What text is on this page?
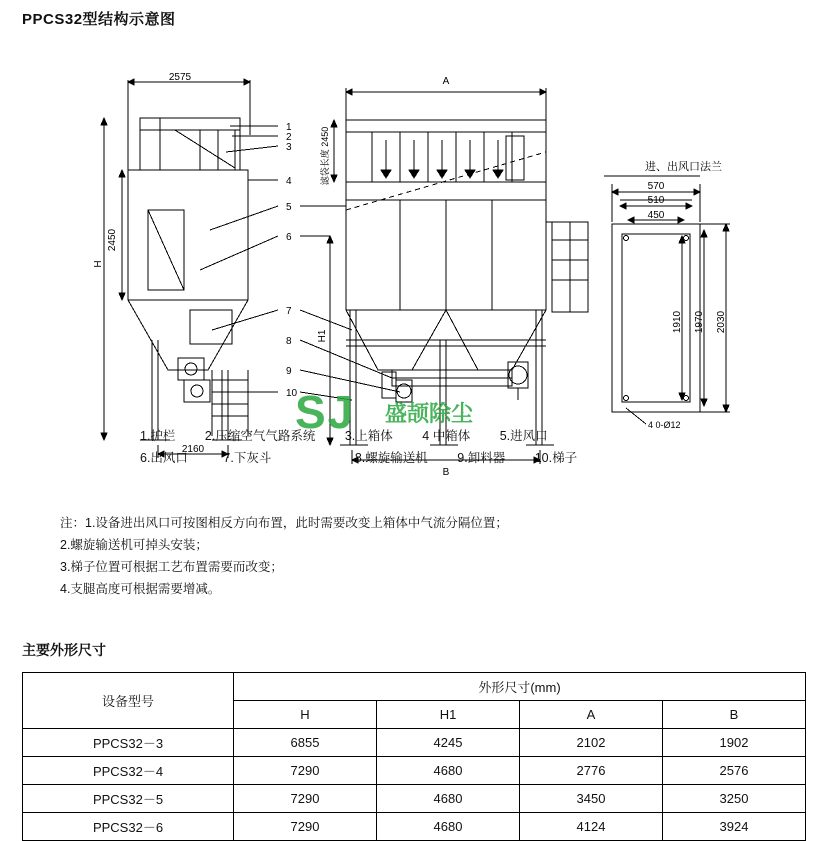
PPCS32型结构示意图
2575
H
2450
2160
A
滤袋长度 2450
H1
B
进、出风口法兰
570
510
450
1910 1970 2030
4 0-Ø12
1
2
3
4
5
6
7
8
9
10
SJ 盛颉除尘
1.护栏 2.压缩空气气路系统 3.上箱体 4 中箱体 5.进风口
6.出风口	7.下灰斗	8.螺旋输送机 9.卸料器 10.梯子
注：1.设备进出风口可按图相反方向布置，此时需要改变上箱体中气流分隔位置；
2.螺旋输送机可掉头安装；
3.梯子位置可根据工艺布置需要而改变；
4.支腿高度可根据需要增减。
主要外形尺寸
设备型号	外形尺寸(mm)			
	H	H1	A	B
PPCS32－3	6855	4245	2102	1902
PPCS32－4	7290	4680	2776	2576
PPCS32－5	7290	4680	3450	3250
PPCS32－6	7290	4680	4124	3924
